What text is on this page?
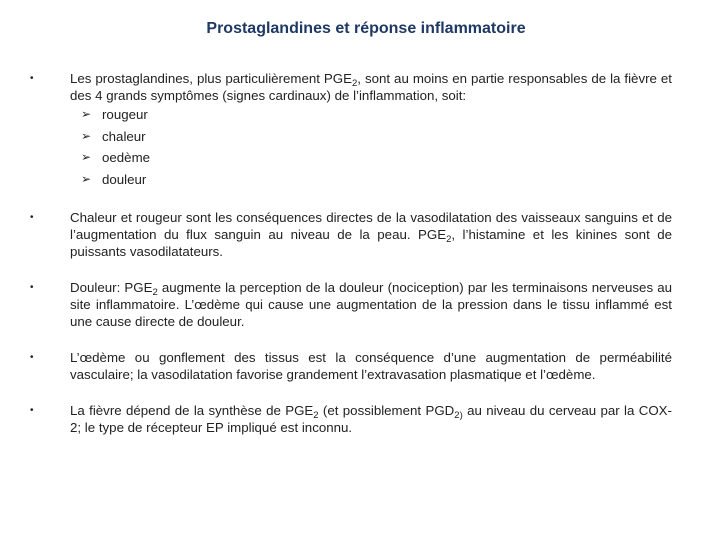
Prostaglandines et réponse inflammatoire
•	Les prostaglandines, plus particulièrement $PGE_2$, sont au moins en partie responsables de la fièvre et des 4 grands symptômes (signes cardinaux) de l’inflammation, soit:
➢ rougeur
➢ chaleur
➢ oedème
➢ douleur
•	Chaleur et rougeur sont les conséquences directes de la vasodilatation des vaisseaux sanguins et de l’augmentation du flux sanguin au niveau de la peau. $PGE_2$, l’histamine et les kinines sont de puissants vasodilatateurs.
•	Douleur: $PGE_2$ augmente la perception de la douleur (nociception) par les terminaisons nerveuses au site inflammatoire. L’œdème qui cause une augmentation de la pression dans le tissu inflammé est une cause directe de douleur.
•	L’œdème ou gonflement des tissus est la conséquence d’une augmentation de perméabilité vasculaire; la vasodilatation favorise grandement l’extravasation plasmatique et l’œdème.
•	La fièvre dépend de la synthèse de $PGE_2$ (et possiblement $PGD_{2)}$ au niveau du cerveau par la COX-2; le type de récepteur EP impliqué est inconnu.
